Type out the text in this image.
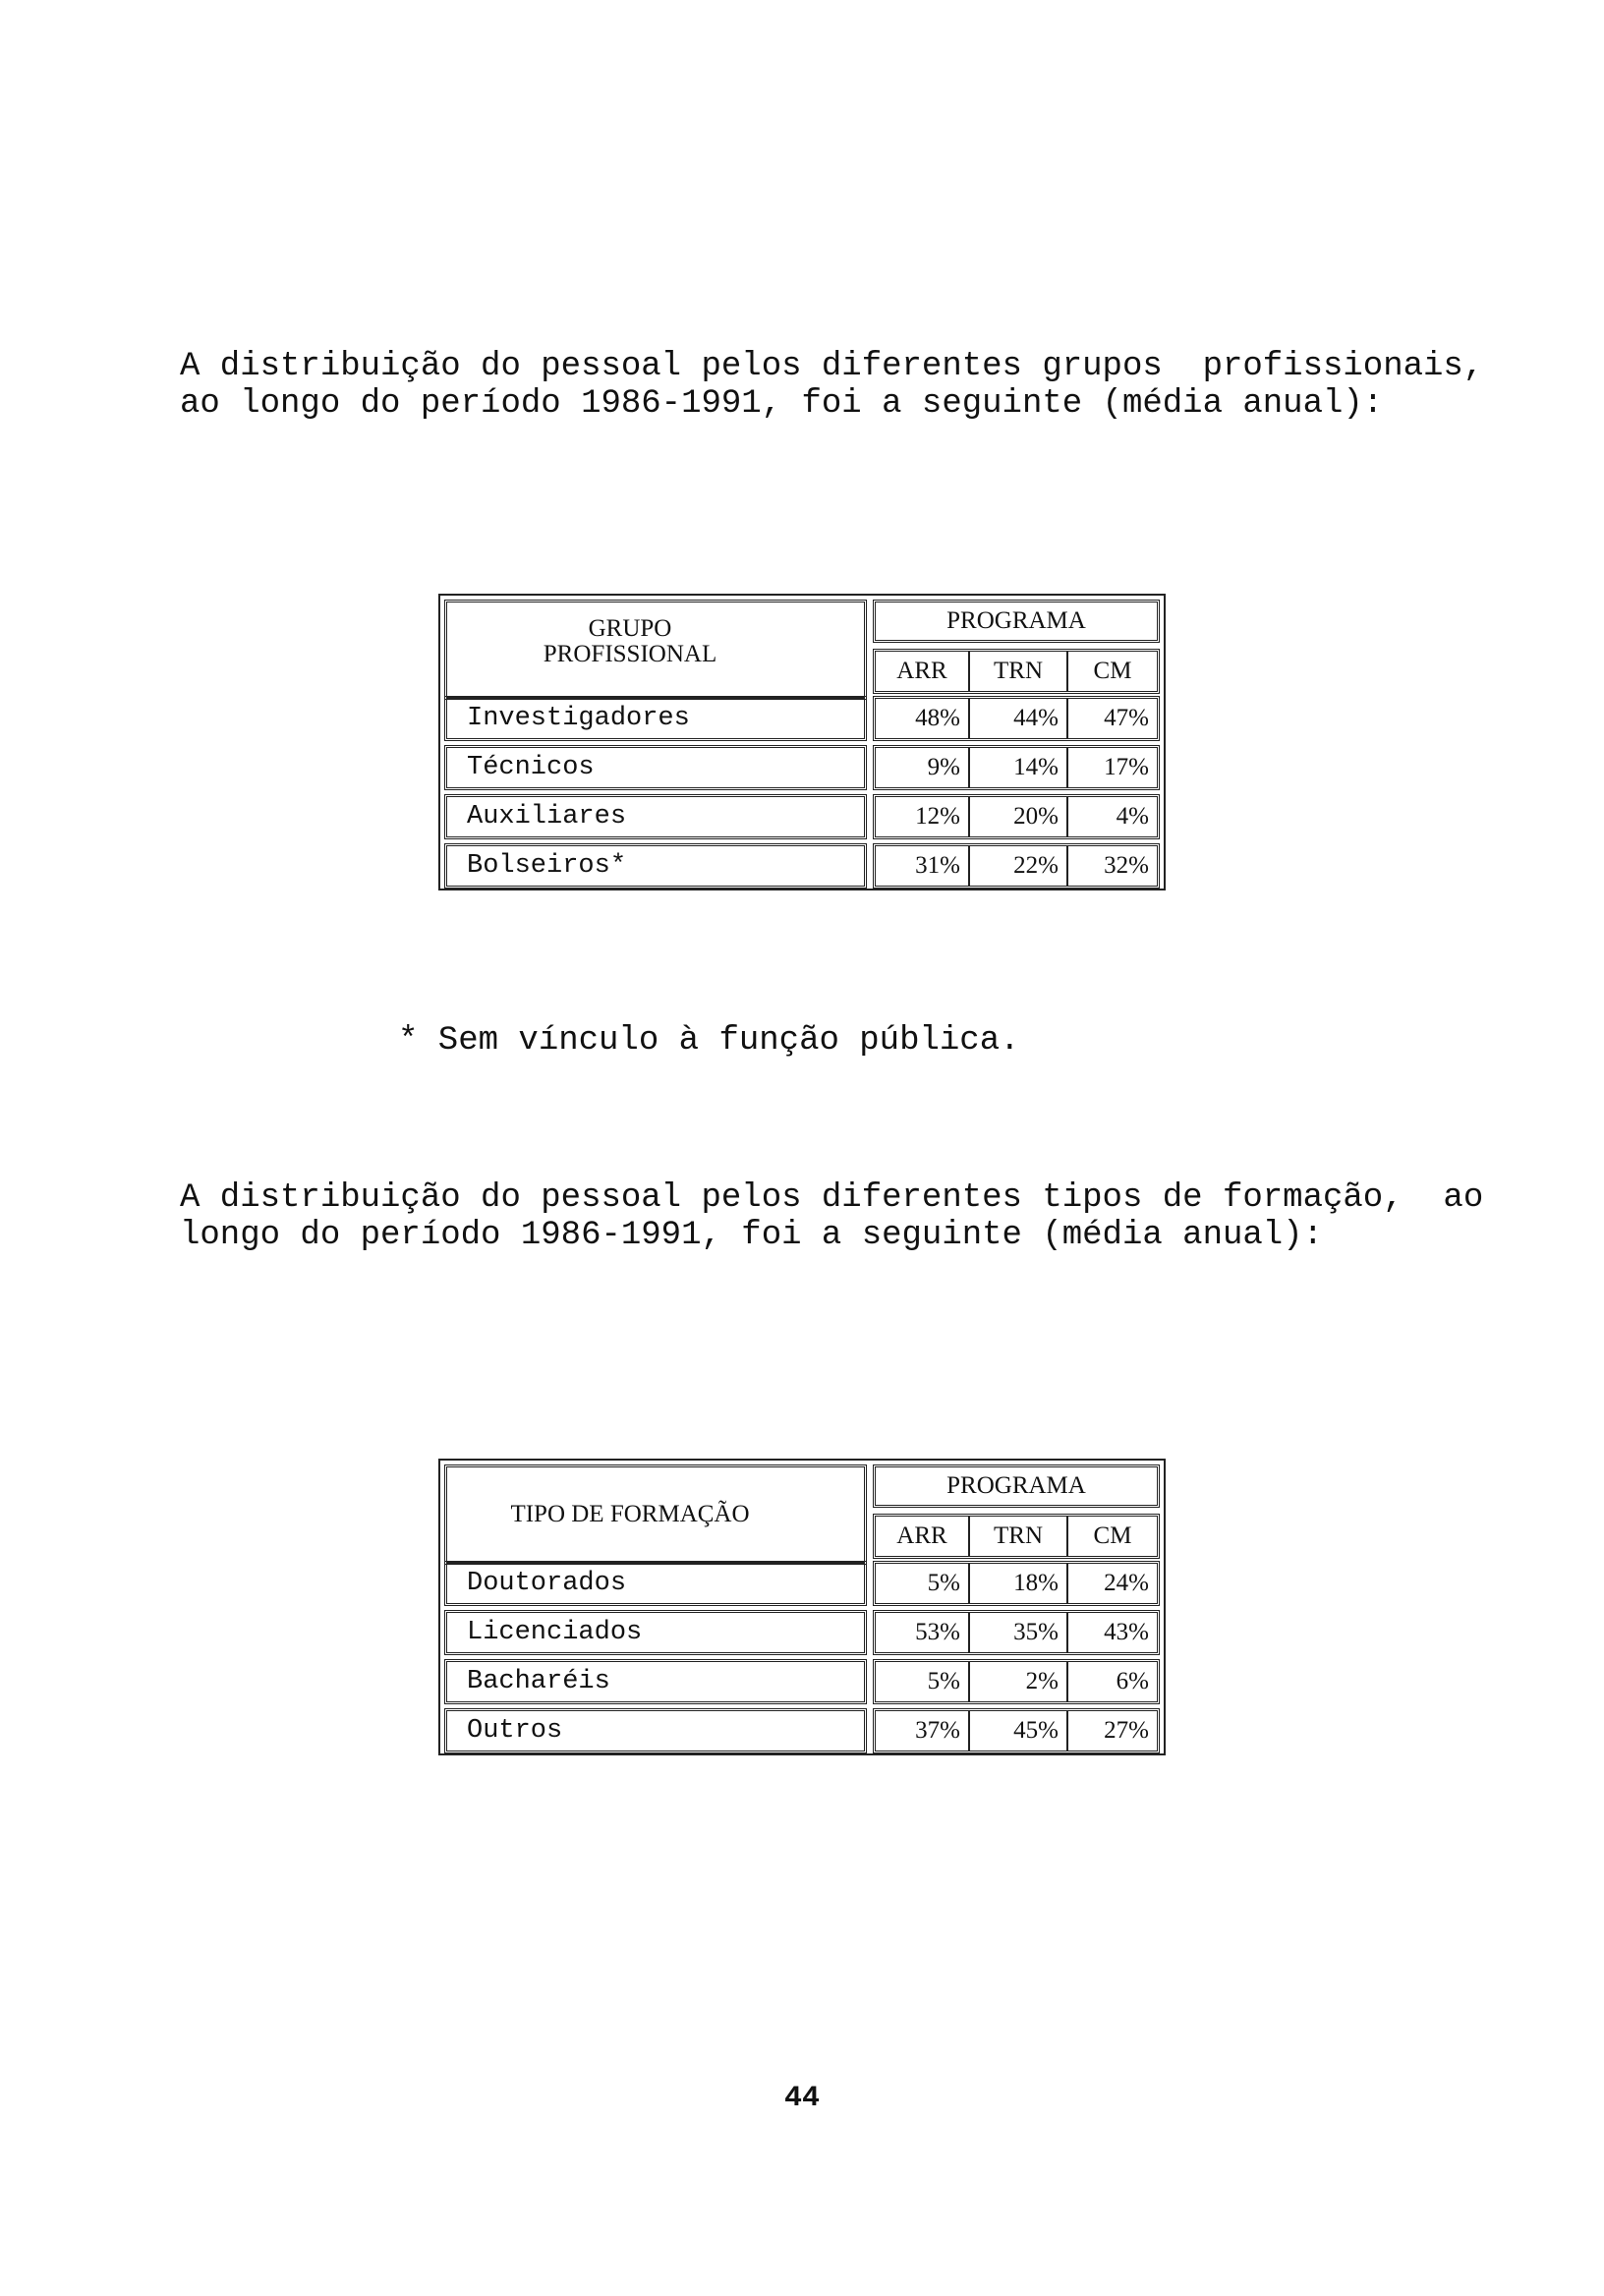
A distribuição do pessoal pelos diferentes grupos  profissionais,
ao longo do período 1986-1991, foi a seguinte (média anual):
GRUPO
PROFISSIONAL
PROGRAMA
ARR	TRN	CM
Investigadores	48%	44%	47%
Técnicos	9%	14%	17%
Auxiliares	12%	20%	4%
Bolseiros*	31%	22%	32%
* Sem vínculo à função pública.
A distribuição do pessoal pelos diferentes tipos de formação,  ao
longo do período 1986-1991, foi a seguinte (média anual):
TIPO DE FORMAÇÃO
PROGRAMA
ARR	TRN	CM
Doutorados	5%	18%	24%
Licenciados	53%	35%	43%
Bacharéis	5%	2%	6%
Outros	37%	45%	27%
44
